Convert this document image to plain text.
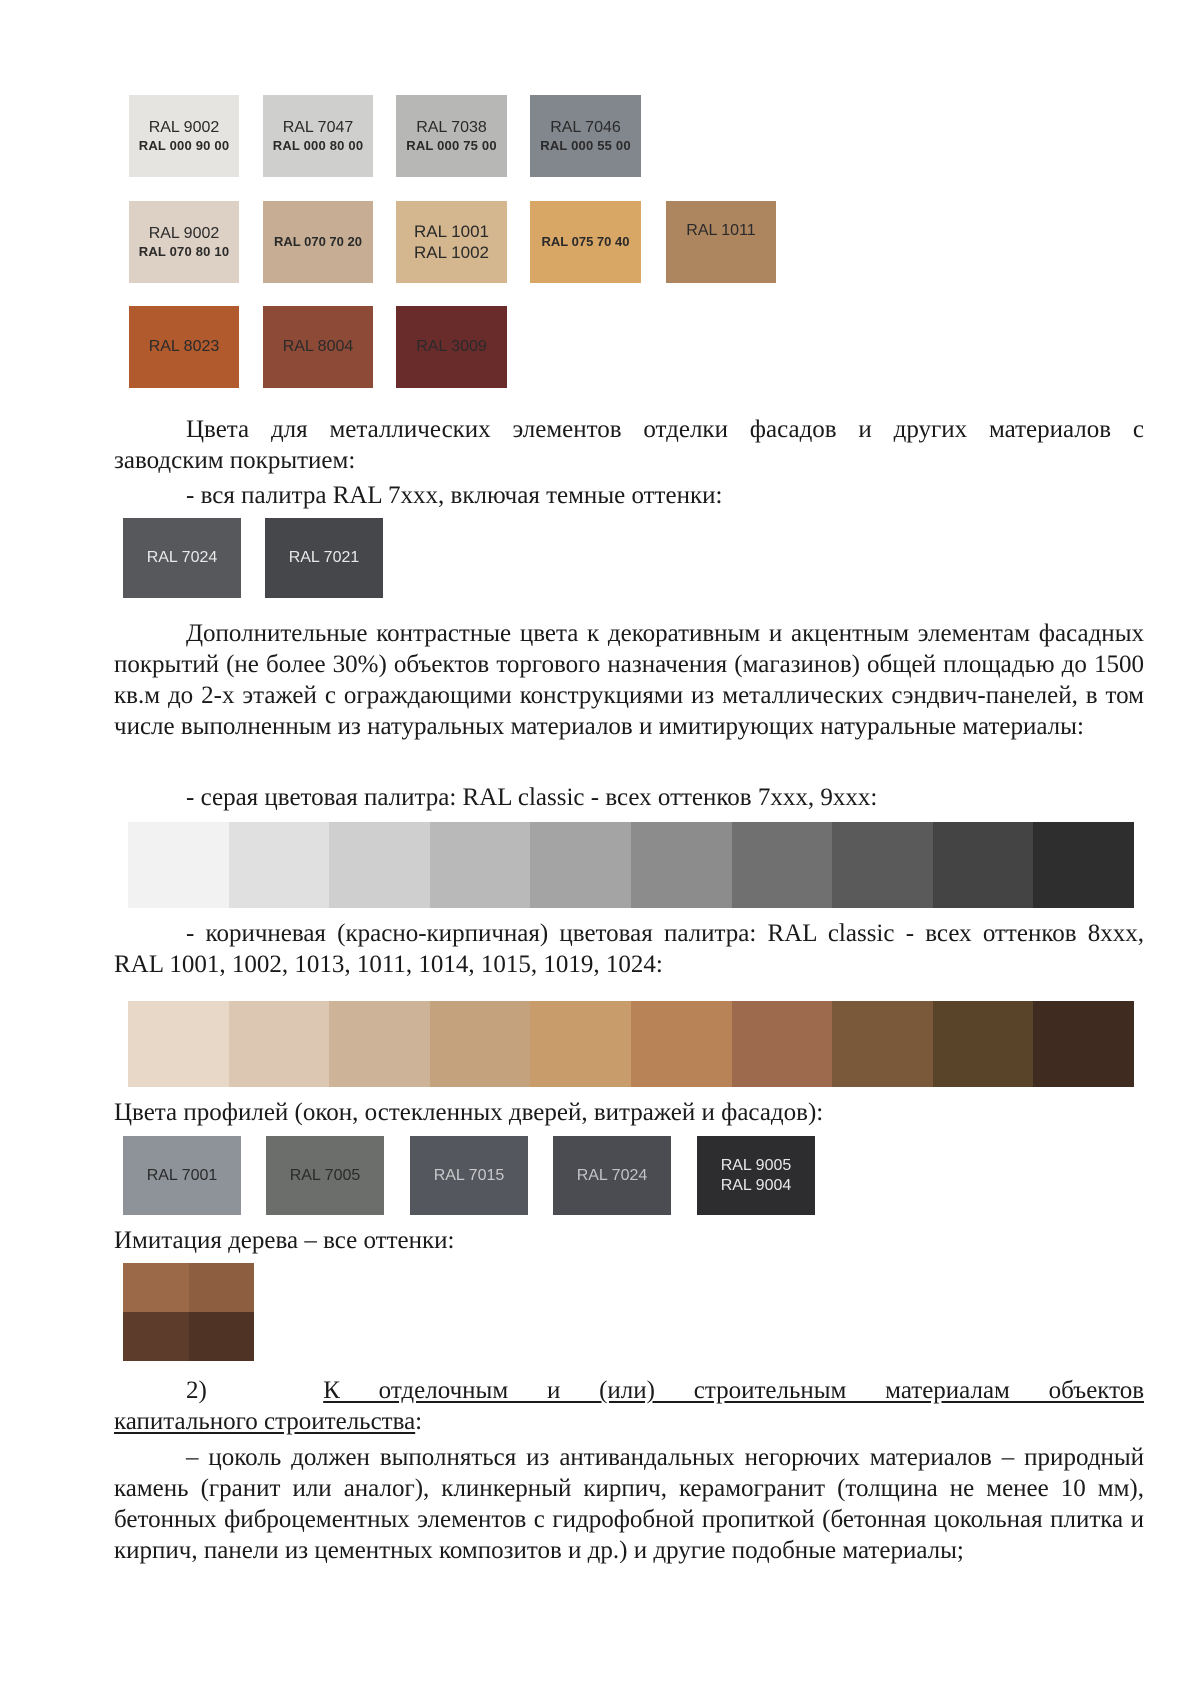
RAL 9002
RAL 000 90 00
RAL 7047
RAL 000 80 00
RAL 7038
RAL 000 75 00
RAL 7046
RAL 000 55 00
RAL 9002
RAL 070 80 10
RAL 070 70 20
RAL 1001
RAL 1002
RAL 075 70 40
RAL 1011
RAL 8023	RAL 8004	RAL 3009

Цвета для металлических элементов отделки фасадов и других материалов с

заводским покрытием:

- вся палитра RAL 7ххх, включая темные оттенки:

RAL 7024	RAL 7021

Дополнительные контрастные цвета к декоративным и акцентным элементам фасадных покрытий (не более 30%) объектов торгового назначения (магазинов) общей площадью до 1500 кв.м до 2-х этажей с ограждающими конструкциями из металлических сэндвич-панелей, в том числе выполненным из натуральных материалов и имитирующих натуральные материалы:

- серая цветовая палитра: RAL classic - всех оттенков 7ххх, 9ххх:

- коричневая (красно-кирпичная) цветовая палитра: RAL classic - всех оттенков 8ххх, RAL 1001, 1002, 1013, 1011, 1014, 1015, 1019, 1024:

Цвета профилей (окон, остекленных дверей, витражей и фасадов):

RAL 7001	RAL 7005	RAL 7015	RAL 7024
RAL 9005
RAL 9004

Имитация дерева – все оттенки:

2)	К отделочным и (или) строительным материалам объектов

капитального строительства:

– цоколь должен выполняться из антивандальных негорючих материалов – природный камень (гранит или аналог), клинкерный кирпич, керамогранит (толщина не менее 10 мм), бетонных фиброцементных элементов с гидрофобной пропиткой (бетонная цокольная плитка и кирпич, панели из цементных композитов и др.) и другие подобные материалы;
